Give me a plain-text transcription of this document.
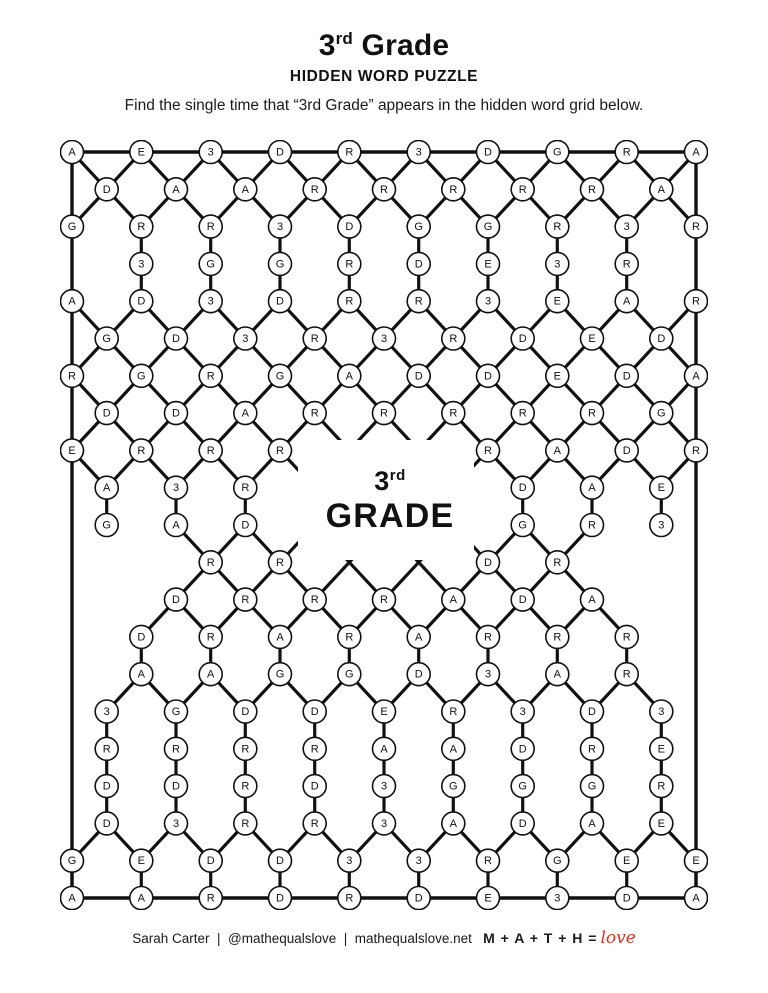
3rd Grade
HIDDEN WORD PUZZLE
Find the single time that “3rd Grade” appears in the hidden word grid below.
A	E	3	D	R	3	D	G	R	A
D	A	A	R	R	R	R	R	A
G	R	R	3	D	G	G	R	3	R
3	G	G	R	D	E	3	R
A	D	3	D	R	R	3	E	A	R
G	D	3	R	3	R	D	E	D
R	G	R	G	A	D	D	E	D	A
D	D	A	R	R	R	R	R	G
E	R	R	R	R	A	D	R
A	3	R	D	A	E
G	A	D	G	R	3
R	R	D	R
D	R	R	R	A	D	A
D	R	A	R	A	R	R	R
A	A	G	G	D	3	A	R
3	G	D	D	E	R	3	D	3
R	R	R	R	A	A	D	R	E
D	D	R	D	3	G	G	G	R
D	3	R	R	3	A	D	A	E
G	E	D	D	3	3	R	G	E	E
A	A	R	D	R	D	E	3	D	A
3rd
GRADE
Sarah Carter | @mathequalslove | mathequalslove.net
M + A + T + H = love
